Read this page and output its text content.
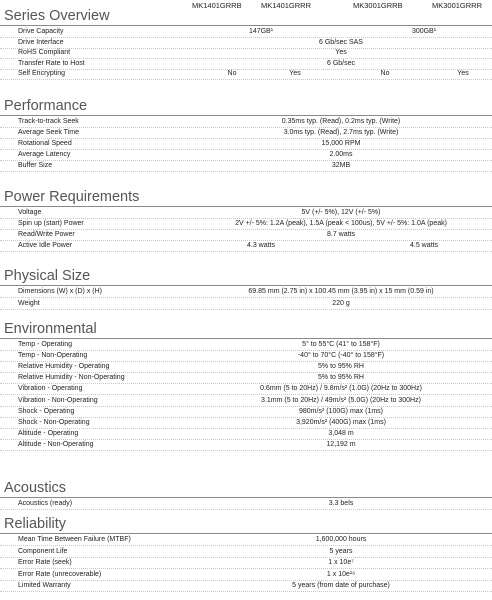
MK1401GRRB	MK1401GRRR	MK3001GRRB	MK3001GRRR
Series Overview
Drive Capacity	147GB¹	300GB¹
Drive Interface	6 Gb/sec SAS
RoHS Compliant	Yes
Transfer Rate to Host	6 Gb/sec
Self Encrypting	No	Yes	No	Yes
Performance
Track-to-track Seek	0.35ms typ. (Read), 0.2ms typ. (Write)
Average Seek Time	3.0ms typ. (Read), 2.7ms typ. (Write)
Rotational Speed	15,000 RPM
Average Latency	2.00ms
Buffer Size	32MB
Power Requirements
Voltage	5V (+/- 5%), 12V (+/- 5%)
Spin up (start) Power	2V +/- 5%: 1.2A (peak), 1.5A (peak < 100us), 5V +/- 5%: 1.0A (peak)
Read/Write Power	8.7 watts
Active Idle Power	4.3 watts	4.5 watts
Physical Size
Dimensions (W) x (D) x (H)	69.85 mm (2.75 in) x 100.45 mm (3.95 in) x 15 mm (0.59 in)
Weight	220 g
Environmental
Temp - Operating	5° to 55°C (41° to 158°F)
Temp - Non-Operating	-40° to 70°C (-40° to 158°F)
Relative Humidity - Operating	5% to 95% RH
Relative Humidity - Non-Operating	5% to 95% RH
Vibration - Operating	0.6mm (5 to 20Hz) / 9.8m/s² (1.0G) (20Hz to 300Hz)
Vibration - Non-Operating	3.1mm (5 to 20Hz) / 49m/s² (5.0G) (20Hz to 300Hz)
Shock - Operating	980m/s² (100G) max (1ms)
Shock - Non-Operating	3,920m/s² (400G) max (1ms)
Altitude - Operating	3,048 m
Altitude - Non-Operating	12,192 m
Acoustics
Acoustics (ready)	3.3 bels
Reliability
Mean Time Between Failure (MTBF)	1,600,000 hours
Component Life	5 years
Error Rate (seek)	1 x 10e⁷
Error Rate (unrecoverable)	1 x 10e¹⁶
Limited Warranty	5 years (from date of purchase)
